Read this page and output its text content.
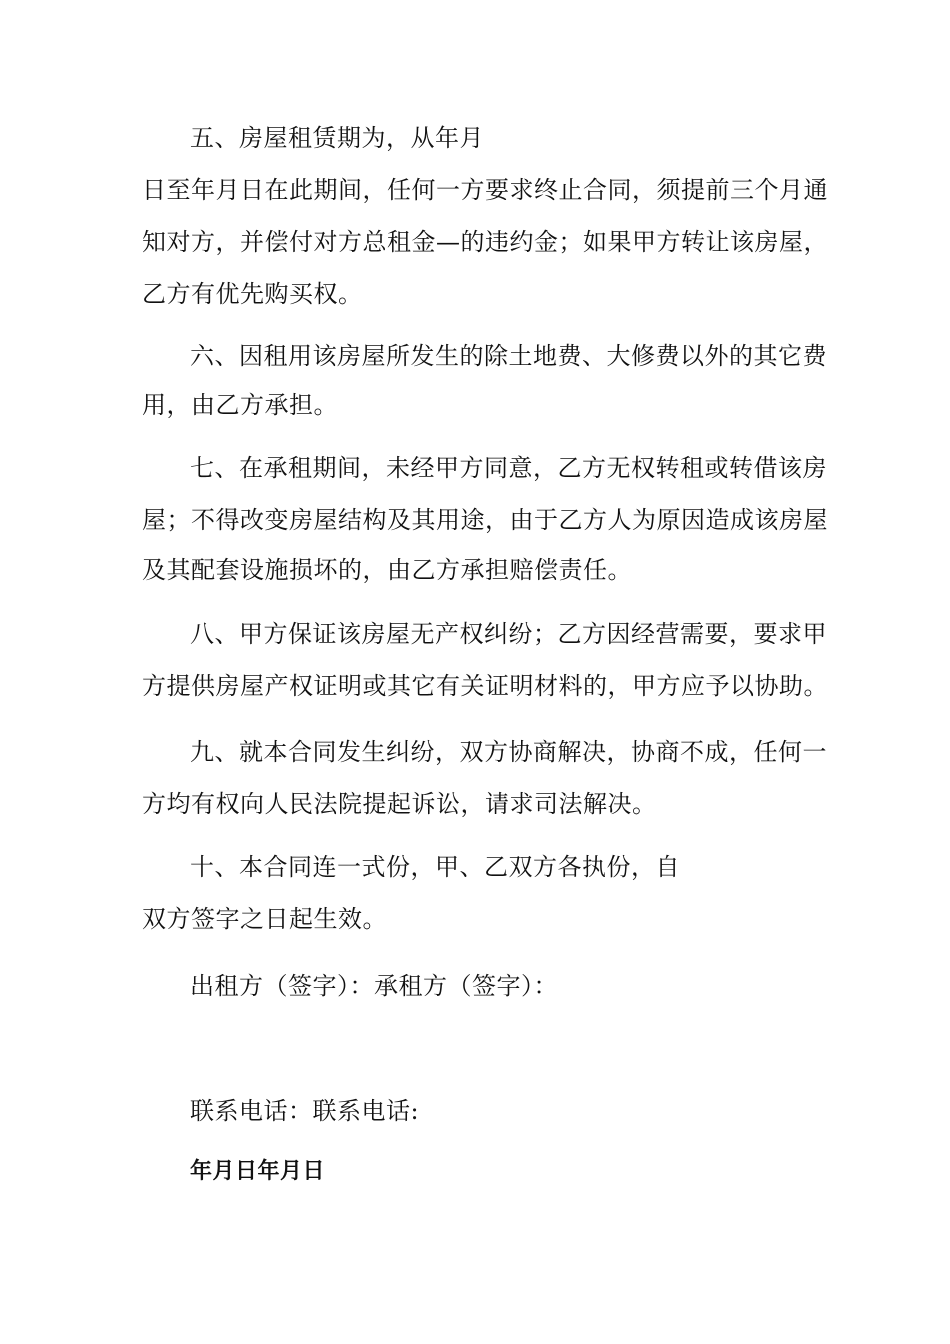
五、房屋租赁期为，从年月
日至年月日在此期间，任何一方要求终止合同，须提前三个月通
知对方，并偿付对方总租金—的违约金；如果甲方转让该房屋，
乙方有优先购买权。
六、因租用该房屋所发生的除土地费、大修费以外的其它费
用，由乙方承担。
七、在承租期间，未经甲方同意，乙方无权转租或转借该房
屋；不得改变房屋结构及其用途，由于乙方人为原因造成该房屋
及其配套设施损坏的，由乙方承担赔偿责任。
八、甲方保证该房屋无产权纠纷；乙方因经营需要，要求甲
方提供房屋产权证明或其它有关证明材料的，甲方应予以协助。
九、就本合同发生纠纷，双方协商解决，协商不成，任何一
方均有权向人民法院提起诉讼，请求司法解决。
十、本合同连一式份，甲、乙双方各执份，自
双方签字之日起生效。
出租方（签字）：承租方（签字）：
联系电话：联系电话:
年月日年月日
